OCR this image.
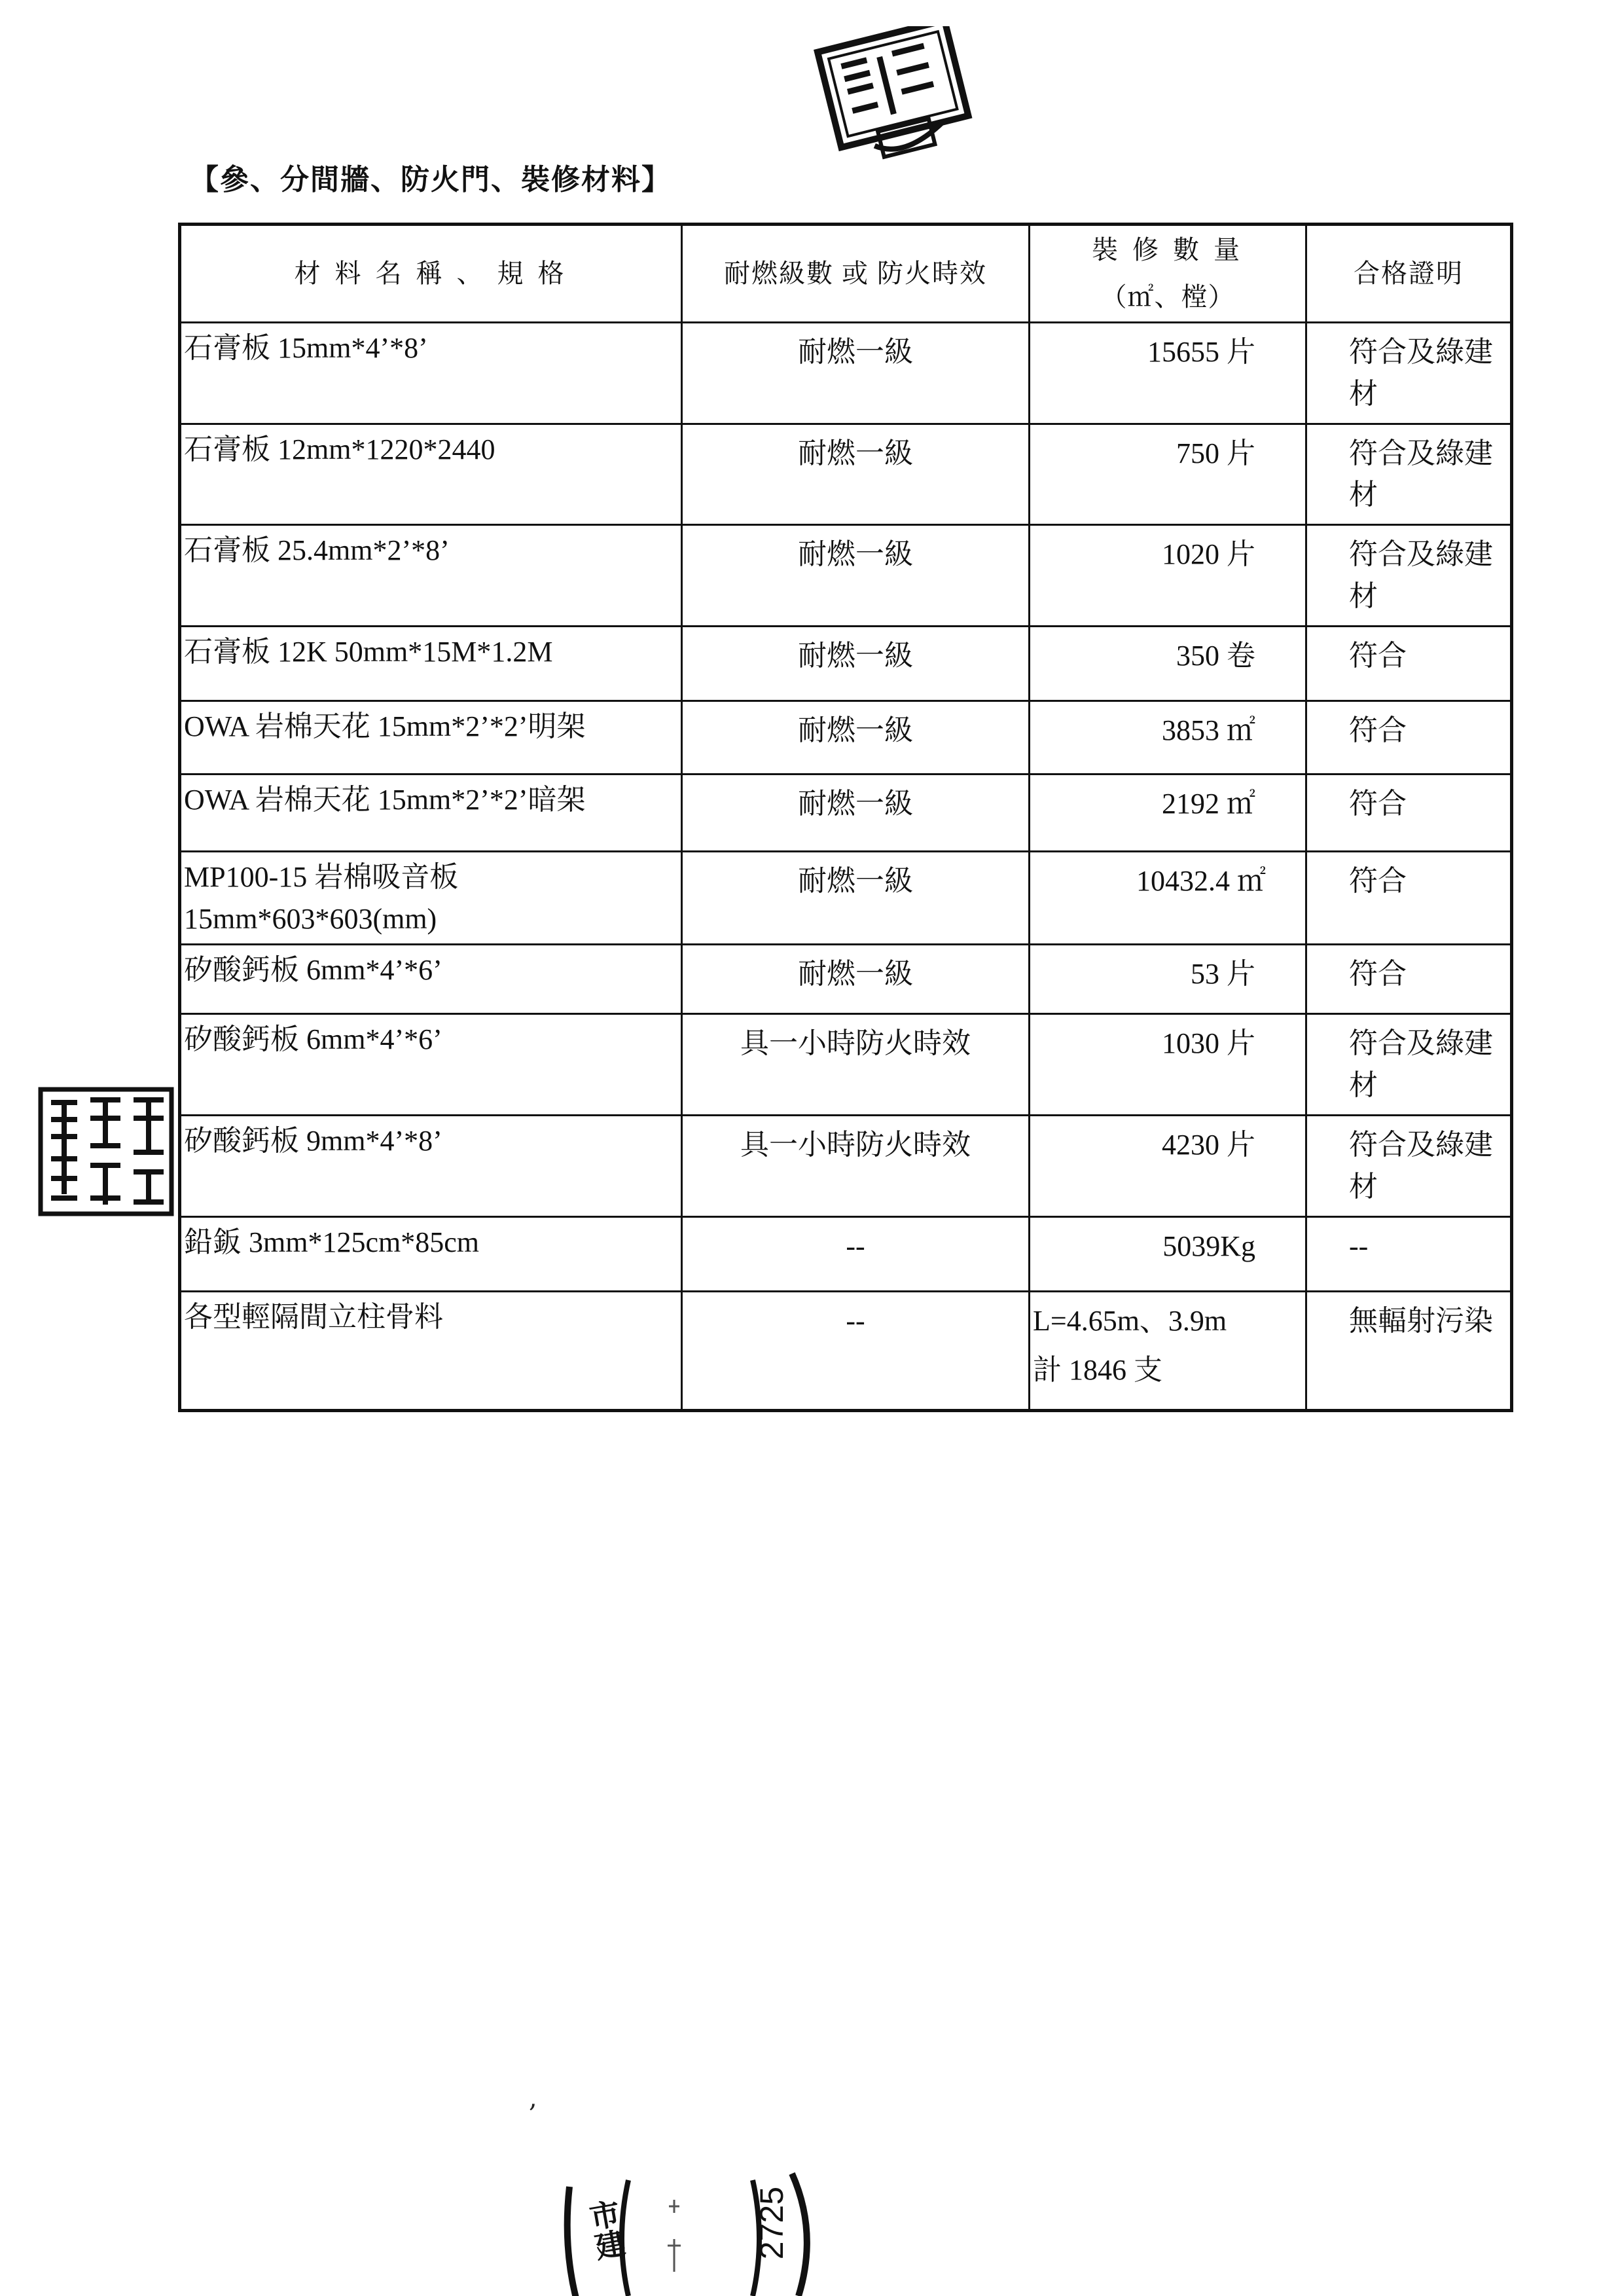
【參、分間牆、防火門、裝修材料】
材 料 名 稱 、 規 格	耐燃級數 或 防火時效	裝 修 數 量
（㎡、樘）	合格證明
石膏板 15mm*4’*8’	耐燃一級	15655 片	符合及綠建材
石膏板 12mm*1220*2440	耐燃一級	750 片	符合及綠建材
石膏板 25.4mm*2’*8’	耐燃一級	1020 片	符合及綠建材
石膏板 12K 50mm*15M*1.2M	耐燃一級	350 卷	符合
OWA 岩棉天花 15mm*2’*2’明架	耐燃一級	3853 ㎡	符合
OWA 岩棉天花 15mm*2’*2’暗架	耐燃一級	2192 ㎡	符合

MP100-15 岩棉吸音板
15mm*603*603(mm)	耐燃一級	10432.4 ㎡	符合
矽酸鈣板 6mm*4’*6’	耐燃一級	53 片	符合
矽酸鈣板 6mm*4’*6’	具一小時防火時效	1030 片	符合及綠建材
矽酸鈣板 9mm*4’*8’	具一小時防火時效	4230 片	符合及綠建材
鉛鈑 3mm*125cm*85cm	--	5039Kg	--
各型輕隔間立柱骨料	--	L=4.65m、3.9m
計 1846 支	無輻射污染
,
市建	2725
